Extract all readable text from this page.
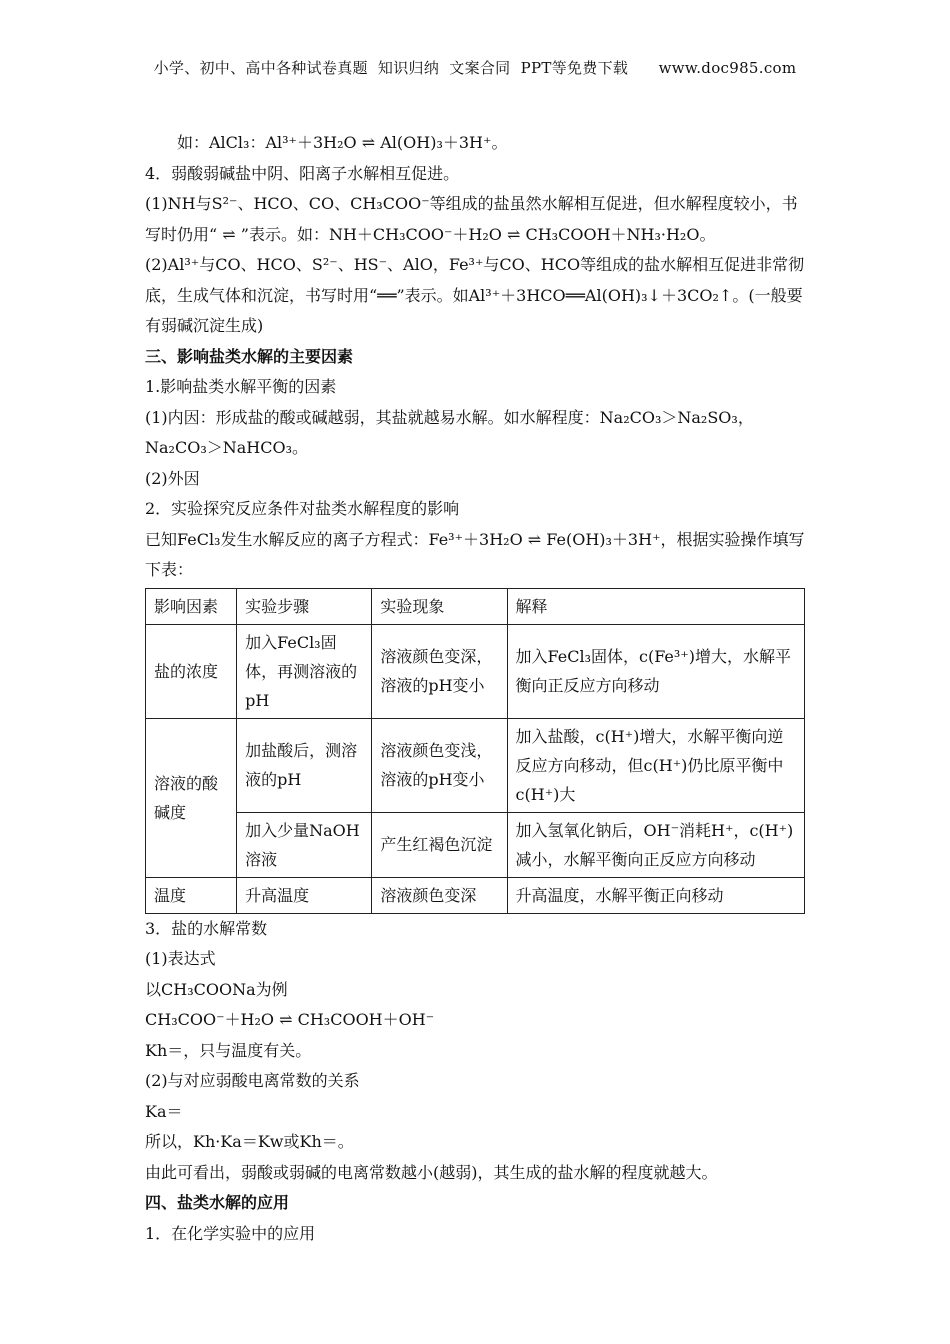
小学、初中、高中各种试卷真题  知识归纳  文案合同  PPT等免费下载      www.doc985.com
如：AlCl₃：Al³⁺＋3H₂O ⇌ Al(OH)₃＋3H⁺。
4．弱酸弱碱盐中阴、阳离子水解相互促进。
(1)NH与S²⁻、HCO、CO、CH₃COO⁻等组成的盐虽然水解相互促进，但水解程度较小，书写时仍用“ ⇌ ”表示。如：NH＋CH₃COO⁻＋H₂O ⇌ CH₃COOH＋NH₃·H₂O。
(2)Al³⁺与CO、HCO、S²⁻、HS⁻、AlO，Fe³⁺与CO、HCO等组成的盐水解相互促进非常彻底，生成气体和沉淀，书写时用“══”表示。如Al³⁺＋3HCO══Al(OH)₃↓＋3CO₂↑。(一般要有弱碱沉淀生成)
三、影响盐类水解的主要因素
1.影响盐类水解平衡的因素
(1)内因：形成盐的酸或碱越弱，其盐就越易水解。如水解程度：Na₂CO₃＞Na₂SO₃，Na₂CO₃＞NaHCO₃。
(2)外因
2．实验探究反应条件对盐类水解程度的影响
已知FeCl₃发生水解反应的离子方程式：Fe³⁺＋3H₂O ⇌ Fe(OH)₃＋3H⁺，根据实验操作填写下表：
影响因素	实验步骤	实验现象	解释
盐的浓度	加入FeCl₃固体，再测溶液的pH	溶液颜色变深，溶液的pH变小	加入FeCl₃固体，c(Fe³⁺)增大，水解平衡向正反应方向移动
溶液的酸碱度	加盐酸后，测溶液的pH	溶液颜色变浅，溶液的pH变小	加入盐酸，c(H⁺)增大，水解平衡向逆反应方向移动，但c(H⁺)仍比原平衡中c(H⁺)大
	加入少量NaOH溶液	产生红褐色沉淀	加入氢氧化钠后，OH⁻消耗H⁺，c(H⁺)减小，水解平衡向正反应方向移动
温度	升高温度	溶液颜色变深	升高温度，水解平衡正向移动
3．盐的水解常数
(1)表达式
以CH₃COONa为例
CH₃COO⁻＋H₂O ⇌ CH₃COOH＋OH⁻
Kh＝，只与温度有关。
(2)与对应弱酸电离常数的关系
Ka＝
所以，Kh·Ka＝Kw或Kh＝。
由此可看出，弱酸或弱碱的电离常数越小(越弱)，其生成的盐水解的程度就越大。
四、盐类水解的应用
1．在化学实验中的应用
